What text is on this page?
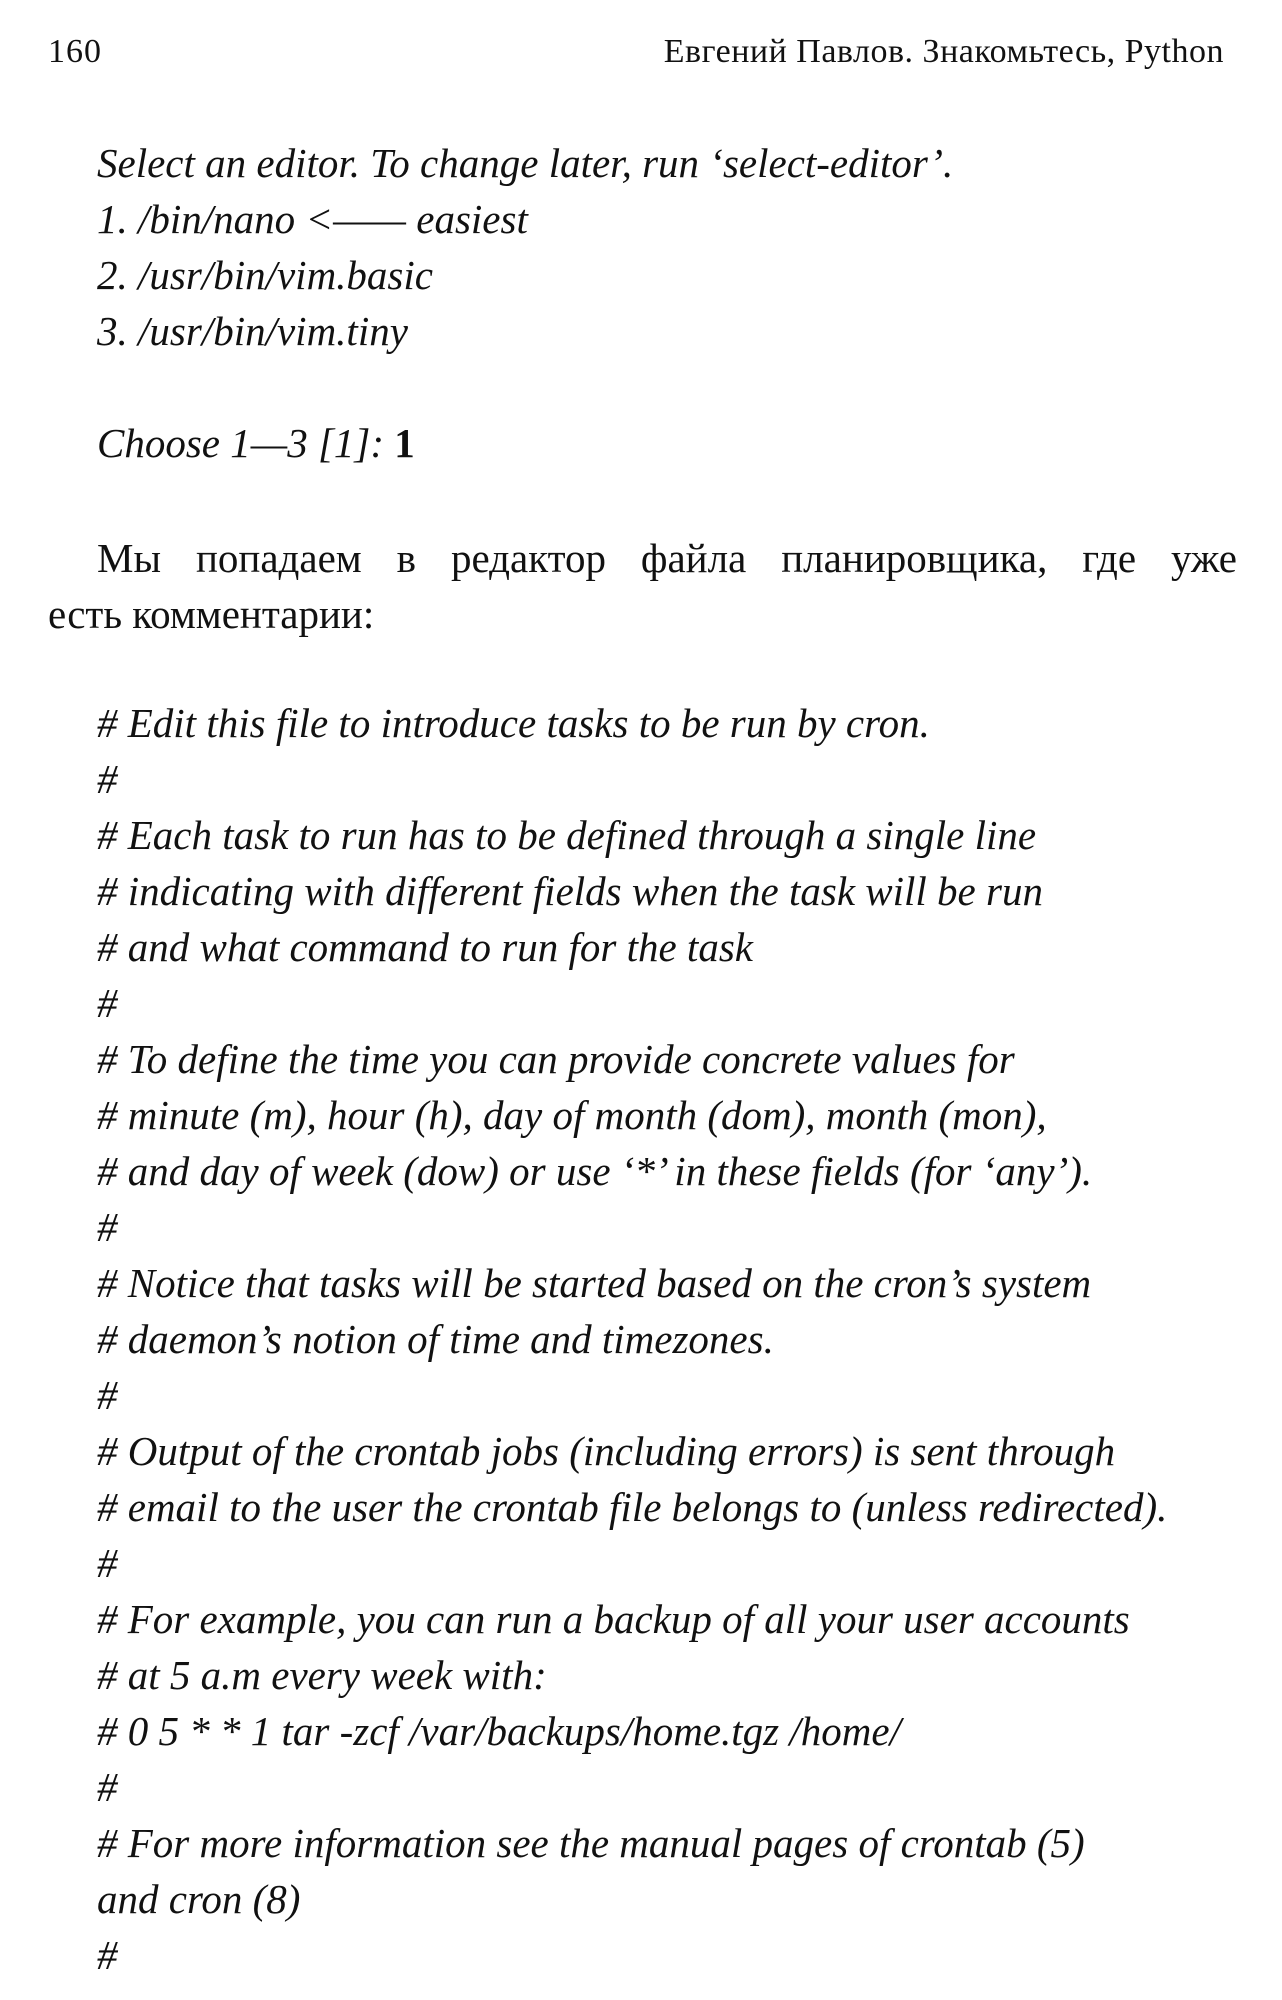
160	Евгений Павлов. Знакомьтесь, Python
Select an editor. To change later, run ‘select-editor’.
1. /bin/nano <—— easiest
2. /usr/bin/vim.basic
3. /usr/bin/vim.tiny
Choose 1—3 [1]: 1
Мы попадаем в редактор файла планировщика, где уже
есть комментарии:
# Edit this file to introduce tasks to be run by cron.
#
# Each task to run has to be defined through a single line
# indicating with different fields when the task will be run
# and what command to run for the task
#
# To define the time you can provide concrete values for
# minute (m), hour (h), day of month (dom), month (mon),
# and day of week (dow) or use ‘*’ in these fields (for ‘any’).
#
# Notice that tasks will be started based on the cron’s system
# daemon’s notion of time and timezones.
#
# Output of the crontab jobs (including errors) is sent through
# email to the user the crontab file belongs to (unless redirected).
#
# For example, you can run a backup of all your user accounts
# at 5 a.m every week with:
# 0 5 * * 1 tar -zcf /var/backups/home.tgz /home/
#
# For more information see the manual pages of crontab (5)
and cron (8)
#
